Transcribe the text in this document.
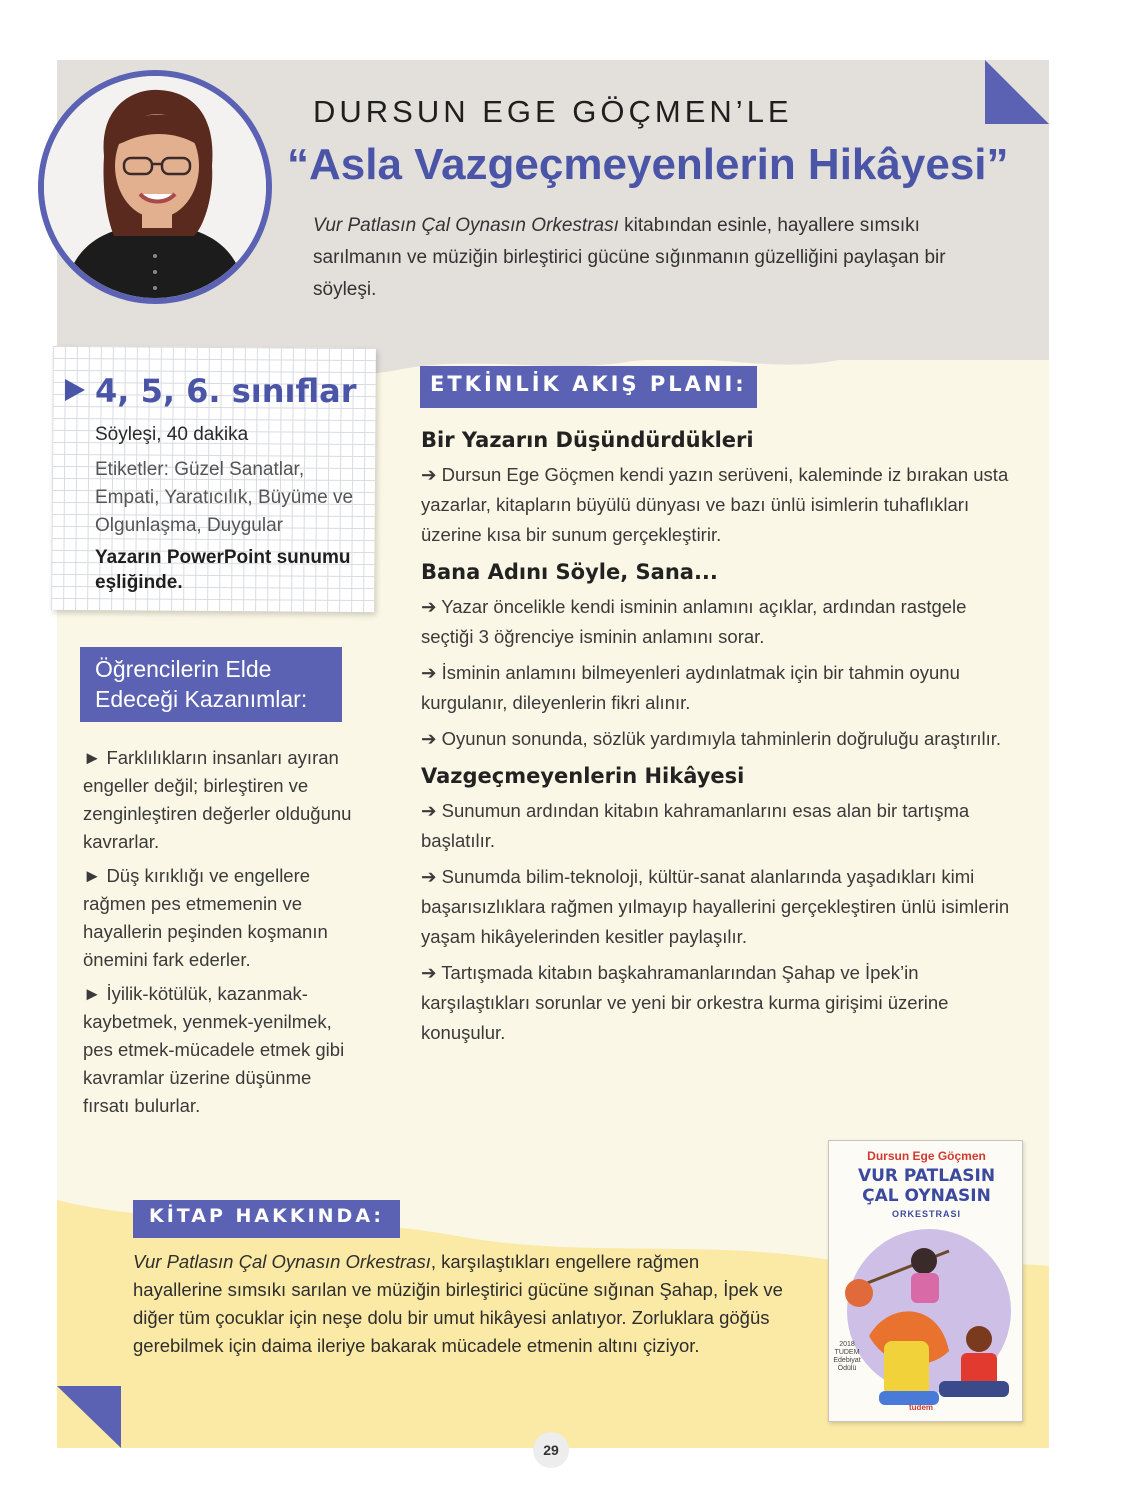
DURSUN EGE GÖÇMEN’LE
“Asla Vazgeçmeyenlerin Hikâyesi”
Vur Patlasın Çal Oynasın Orkestrası kitabından esinle, hayallere sımsıkı sarılmanın ve müziğin birleştirici gücüne sığınmanın güzelliğini paylaşan bir söyleşi.
4, 5, 6. sınıflar
Söyleşi, 40 dakika
Etiketler: Güzel Sanatlar, Empati, Yaratıcılık, Büyüme ve Olgunlaşma, Duygular
Yazarın PowerPoint sunumu eşliğinde.
Öğrencilerin Elde
Edeceği Kazanımlar:

► Farklılıkların insanları ayıran engeller değil; birleştiren ve zenginleştiren değerler olduğunu kavrarlar.

► Düş kırıklığı ve engellere rağmen pes etmemenin ve hayallerin peşinden koşmanın önemini fark ederler.

► İyilik-kötülük, kazanmak-kaybetmek, yenmek-yenilmek, pes etmek-mücadele etmek gibi kavramlar üzerine düşünme fırsatı bulurlar.

ETKİNLİK AKIŞ PLANI:
Bir Yazarın Düşündürdükleri

➔ Dursun Ege Göçmen kendi yazın serüveni, kaleminde iz bırakan usta yazarlar, kitapların büyülü dünyası ve bazı ünlü isimlerin tuhaflıkları üzerine kısa bir sunum gerçekleştirir.

Bana Adını Söyle, Sana...

➔ Yazar öncelikle kendi isminin anlamını açıklar, ardından rastgele seçtiği 3 öğrenciye isminin anlamını sorar.

➔ İsminin anlamını bilmeyenleri aydınlatmak için bir tahmin oyunu kurgulanır, dileyenlerin fikri alınır.

➔ Oyunun sonunda, sözlük yardımıyla tahminlerin doğruluğu araştırılır.

Vazgeçmeyenlerin Hikâyesi

➔ Sunumun ardından kitabın kahramanlarını esas alan bir tartışma başlatılır.

➔ Sunumda bilim-teknoloji, kültür-sanat alanlarında yaşadıkları kimi başarısızlıklara rağmen yılmayıp hayallerini gerçekleştiren ünlü isimlerin yaşam hikâyelerinden kesitler paylaşılır.

➔ Tartışmada kitabın başkahramanlarından Şahap ve İpek’in karşılaştıkları sorunlar ve yeni bir orkestra kurma girişimi üzerine konuşulur.

KİTAP HAKKINDA:
Vur Patlasın Çal Oynasın Orkestrası, karşılaştıkları engellere rağmen hayallerine sımsıkı sarılan ve müziğin birleştirici gücüne sığınan Şahap, İpek ve diğer tüm çocuklar için neşe dolu bir umut hikâyesi anlatıyor. Zorluklara göğüs gerebilmek için daima ileriye bakarak mücadele etmenin altını çiziyor.
Dursun Ege Göçmen
VUR PATLASIN
ÇAL OYNASIN
ORKESTRASI
2018 TUDEM Edebiyat Ödülü
tudem
29
